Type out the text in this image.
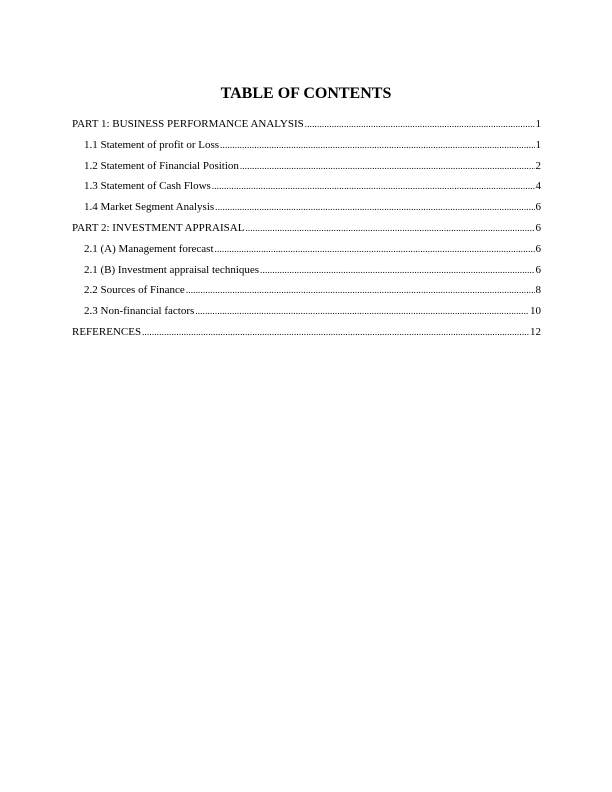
TABLE OF CONTENTS
PART 1: BUSINESS PERFORMANCE ANALYSIS .....	1
1.1 Statement of profit or Loss .....	1
1.2 Statement of Financial Position .....	2
1.3 Statement of Cash Flows .....	4
1.4 Market Segment Analysis .....	6
PART 2: INVESTMENT APPRAISAL .....	6
2.1 (A) Management forecast .....	6
2.1 (B) Investment appraisal techniques .....	6
2.2 Sources of Finance .....	8
2.3 Non-financial factors .....	10
REFERENCES .....	12
